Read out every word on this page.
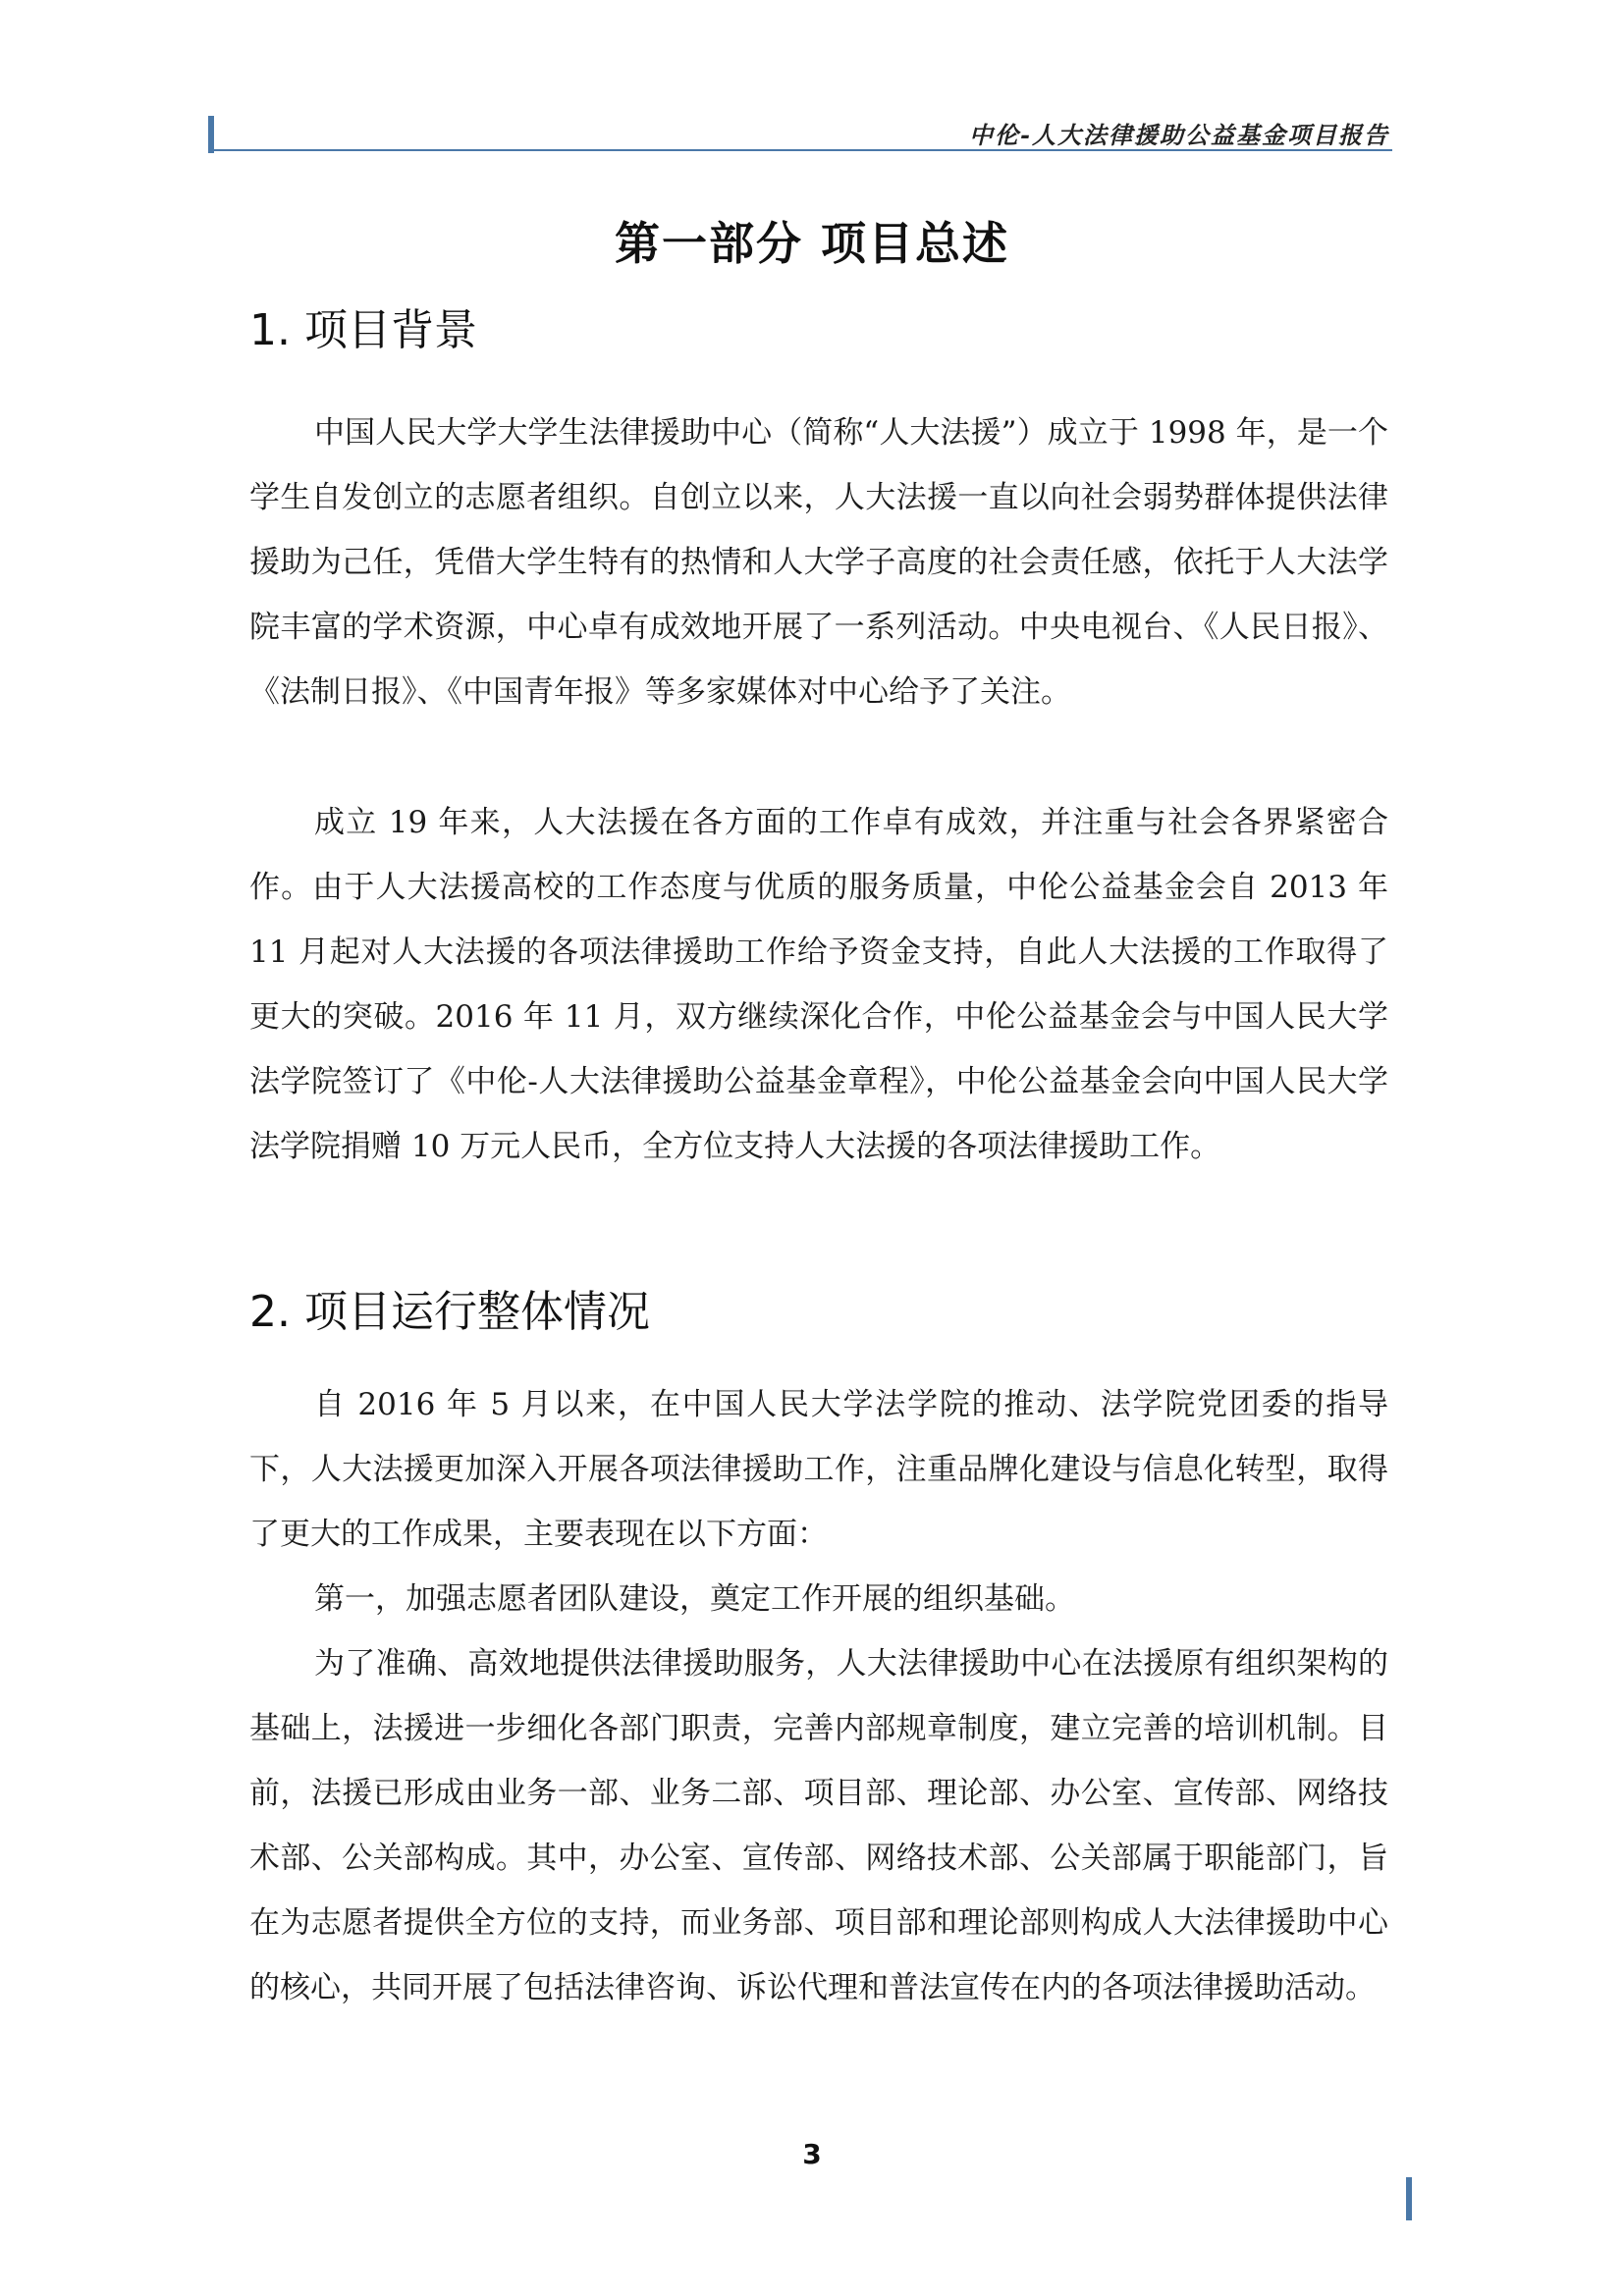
中伦-人大法律援助公益基金项目报告
第一部分 项目总述
1. 项目背景

中国人民大学大学生法律援助中心（简称“人大法援”）成立于 1998 年，是一个学生自发创立的志愿者组织。自创立以来，人大法援一直以向社会弱势群体提供法律援助为己任，凭借大学生特有的热情和人大学子高度的社会责任感，依托于人大法学院丰富的学术资源，中心卓有成效地开展了一系列活动。中央电视台、《人民日报》、《法制日报》、《中国青年报》等多家媒体对中心给予了关注。

成立 19 年来，人大法援在各方面的工作卓有成效，并注重与社会各界紧密合作。由于人大法援高校的工作态度与优质的服务质量，中伦公益基金会自 2013 年 11 月起对人大法援的各项法律援助工作给予资金支持，自此人大法援的工作取得了更大的突破。2016 年 11 月，双方继续深化合作，中伦公益基金会与中国人民大学法学院签订了《中伦-人大法律援助公益基金章程》，中伦公益基金会向中国人民大学法学院捐赠 10 万元人民币，全方位支持人大法援的各项法律援助工作。

2. 项目运行整体情况

自 2016 年 5 月以来，在中国人民大学法学院的推动、法学院党团委的指导下，人大法援更加深入开展各项法律援助工作，注重品牌化建设与信息化转型，取得了更大的工作成果，主要表现在以下方面：

第一，加强志愿者团队建设，奠定工作开展的组织基础。

为了准确、高效地提供法律援助服务，人大法律援助中心在法援原有组织架构的基础上，法援进一步细化各部门职责，完善内部规章制度，建立完善的培训机制。目前，法援已形成由业务一部、业务二部、项目部、理论部、办公室、宣传部、网络技术部、公关部构成。其中，办公室、宣传部、网络技术部、公关部属于职能部门，旨在为志愿者提供全方位的支持，而业务部、项目部和理论部则构成人大法律援助中心的核心，共同开展了包括法律咨询、诉讼代理和普法宣传在内的各项法律援助活动。

3
